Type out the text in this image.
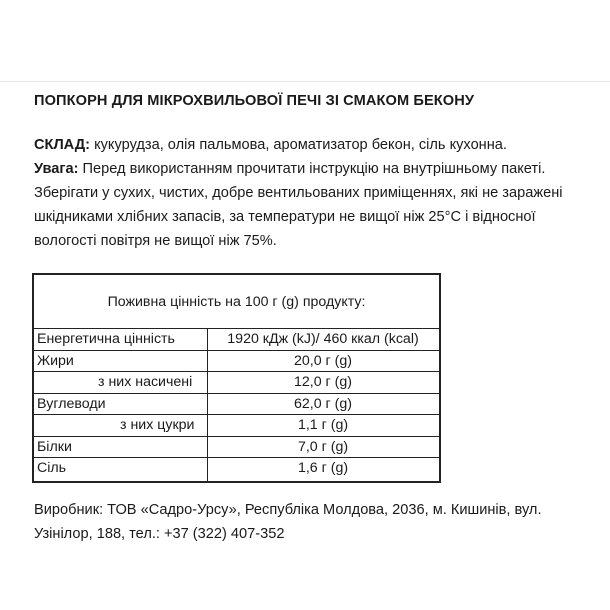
ПОПКОРН ДЛЯ МІКРОХВИЛЬОВОЇ ПЕЧІ ЗІ СМАКОМ БЕКОНУ

СКЛАД: кукурудза, олія пальмова, ароматизатор бекон, сіль кухонна.

Увага: Перед використанням прочитати інструкцію на внутрішньому пакеті.

Зберігати у сухих, чистих, добре вентильованих приміщеннях, які не заражені

шкідниками хлібних запасів, за температури не вищої ніж 25°С і відносної

вологості повітря не вищої ніж 75%.

Поживна цінність на 100 г (g) продукту:
Енергетична цінність	1920 кДж (kJ)/ 460 ккал (kcal)
Жири	20,0 г (g)
з них насичені	12,0 г (g)
Вуглеводи	62,0 г (g)
з них цукри	1,1 г (g)
Білки	7,0 г (g)
Сіль	1,6 г (g)

Виробник: ТОВ «Садро-Урсу», Республіка Молдова, 2036, м. Кишинів, вул.

Узінілор, 188, тел.: +37 (322) 407-352
